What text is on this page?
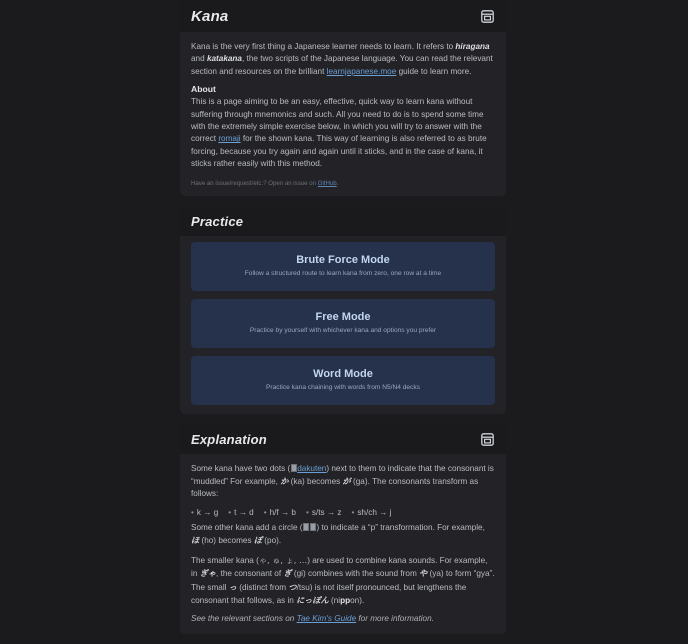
Kana

Kana is the very first thing a Japanese learner needs to learn. It refers to hiragana and katakana, the two scripts of the Japanese language. You can read the relevant section and resources on the brilliant learnjapanese.moe guide to learn more.

About

This is a page aiming to be an easy, effective, quick way to learn kana without suffering through mnemonics and such. All you need to do is to spend some time with the extremely simple exercise below, in which you will try to answer with the correct romaji for the shown kana. This way of learning is also referred to as brute forcing, because you try again and again until it sticks, and in the case of kana, it sticks rather easily with this method.

Have an issue/request/etc.? Open an issue on GitHub.
Practice
Brute Force Mode
Follow a structured route to learn kana from zero, one row at a time
Free Mode
Practice by yourself with whichever kana and options you prefer
Word Mode
Practice kana chaining with words from N5/N4 decks
Explanation

Some kana have two dots ( dakuten) next to them to indicate that the consonant is “muddled” For example, か (ka) becomes が (ga). The consonants transform as follows:

• k → g • t → d • h/f → b • s/ts → z • sh/ch → j

Some other kana add a circle ( ) to indicate a “p” transformation. For example, ほ (ho) becomes ぽ (po).

The smaller kana (ゃ, ゅ, ょ, …) are used to combine kana sounds. For example, in ぎゃ, the consonant of ぎ (gi) combines with the sound from や (ya) to form “gya”. The small っ (distinct from つ/tsu) is not itself pronounced, but lengthens the consonant that follows, as in にっぽん (nippon).

See the relevant sections on Tae Kim's Guide for more information.
